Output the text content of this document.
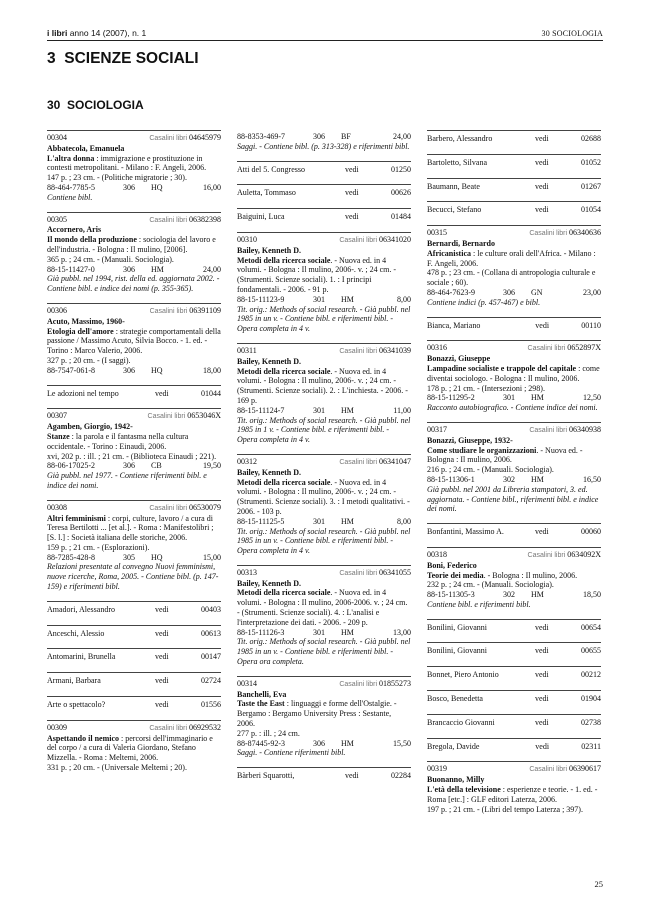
i libri anno 14 (2007), n. 1	30 SOCIOLOGIA
3  SCIENZE SOCIALI
30  SOCIOLOGIA
00304	Casalini libri 04645979
Abbatecola, Emanuela
L'altra donna : immigrazione e prostituzione in contesti metropolitani. - Milano : F. Angeli, 2006.
147 p. ; 23 cm. - (Politiche migratorie ; 30).
88-464-7785-5	306	HQ	16,00
Contiene bibl.
00305	Casalini libri 06382398
Accornero, Aris
Il mondo della produzione : sociologia del lavoro e dell'industria. - Bologna : Il mulino, [2006].
365 p. ; 24 cm. - (Manuali. Sociologia).
88-15-11427-0	306	HM	24,00
Già pubbl. nel 1994, rist. della ed. aggiornata 2002. - Contiene bibl. e indice dei nomi (p. 355-365).
00306	Casalini libri 06391109
Acuto, Massimo, 1960-
Etologia dell'amore : strategie comportamentali della passione / Massimo Acuto, Silvia Bocco. - 1. ed. - Torino : Marco Valerio, 2006.
327 p. ; 20 cm. - (I saggi).
88-7547-061-8	306	HQ	18,00
Le adozioni nel tempo	vedi	01044
00307	Casalini libri 0653046X
Agamben, Giorgio, 1942-
Stanze : la parola e il fantasma nella cultura occidentale. - Torino : Einaudi, 2006.
xvi, 202 p. : ill. ; 21 cm. - (Biblioteca Einaudi ; 221).
88-06-17025-2	306	CB	19,50
Già pubbl. nel 1977. - Contiene riferimenti bibl. e indice dei nomi.
00308	Casalini libri 06530079
Altri femminismi : corpi, culture, lavoro / a cura di Teresa Bertilotti ... [et al.]. - Roma : Manifestolibri ; [S. l.] : Società italiana delle storiche, 2006.
159 p. ; 21 cm. - (Esplorazioni).
88-7285-428-8	305	HQ	15,00
Relazioni presentate al convegno Nuovi femminismi, nuove ricerche, Roma, 2005. - Contiene bibl. (p. 147-159) e riferimenti bibl.
Amadori, Alessandro	vedi	00403
Anceschi, Alessio	vedi	00613
Antomarini, Brunella	vedi	00147
Armani, Barbara	vedi	02724
Arte o spettacolo?	vedi	01556
00309	Casalini libri 06929532
Aspettando il nemico : percorsi dell'immaginario e del corpo / a cura di Valeria Giordano, Stefano Mizzella. - Roma : Meltemi, 2006.
331 p. ; 20 cm. - (Universale Meltemi ; 20).
88-8353-469-7	306	BF	24,00
Saggi. - Contiene bibl. (p. 313-328) e riferimenti bibl.
Atti del 5. Congresso	vedi	01250
Auletta, Tommaso	vedi	00626
Baiguini, Luca	vedi	01484
00310	Casalini libri 06341020
Bailey, Kenneth D.
Metodi della ricerca sociale. - Nuova ed. in 4 volumi. - Bologna : Il mulino, 2006-. v. ; 24 cm. - (Strumenti. Scienze sociali). 1. : I principi fondamentali. - 2006. - 91 p.
88-15-11123-9	301	HM	8,00
Tit. orig.: Methods of social research. - Già pubbl. nel 1985 in un v. - Contiene bibl. e riferimenti bibl. - Opera completa in 4 v.
00311	Casalini libri 06341039
Bailey, Kenneth D.
Metodi della ricerca sociale. - Nuova ed. in 4 volumi. - Bologna : Il mulino, 2006-. v. ; 24 cm. - (Strumenti. Scienze sociali). 2. : L'inchiesta. - 2006. - 169 p.
88-15-11124-7	301	HM	11,00
Tit. orig.: Methods of social research. - Già pubbl. nel 1985 in 1 v. - Contiene bibl. e riferimenti bibl. - Opera completa in 4 v.
00312	Casalini libri 06341047
Bailey, Kenneth D.
Metodi della ricerca sociale. - Nuova ed. in 4 volumi. - Bologna : Il mulino, 2006-. v. ; 24 cm. - (Strumenti. Scienze sociali). 3. : I metodi qualitativi. - 2006. - 103 p.
88-15-11125-5	301	HM	8,00
Tit. orig.: Methods of social research. - Già pubbl. nel 1985 in un v. - Contiene bibl. e riferimenti bibl. - Opera completa in 4 v.
00313	Casalini libri 06341055
Bailey, Kenneth D.
Metodi della ricerca sociale. - Nuova ed. in 4 volumi. - Bologna : Il mulino, 2006-2006. v. ; 24 cm. - (Strumenti. Scienze sociali). 4. : L'analisi e l'interpretazione dei dati. - 2006. - 209 p.
88-15-11126-3	301	HM	13,00
Tit. orig.: Methods of social research. - Già pubbl. nel 1985 in un v. - Contiene bibl. e riferimenti bibl. - Opera ora completa.
00314	Casalini libri 01855273
Banchelli, Eva
Taste the East : linguaggi e forme dell'Ostalgie. - Bergamo : Bergamo University Press : Sestante, 2006.
277 p. : ill. ; 24 cm.
88-87445-92-3	306	HM	15,50
Saggi. - Contiene riferimenti bibl.
Bàrberi Squarotti,	vedi	02284
Barbero, Alessandro	vedi	02688
Bartoletto, Silvana	vedi	01052
Baumann, Beate	vedi	01267
Becucci, Stefano	vedi	01054
00315	Casalini libri 06340636
Bernardi, Bernardo
Africanistica : le culture orali dell'Africa. - Milano : F. Angeli, 2006.
478 p. ; 23 cm. - (Collana di antropologia culturale e sociale ; 60).
88-464-7623-9	306	GN	23,00
Contiene indici (p. 457-467) e bibl.
Bianca, Mariano	vedi	00110
00316	Casalini libri 0652897X
Bonazzi, Giuseppe
Lampadine socialiste e trappole del capitale : come diventai sociologo. - Bologna : Il mulino, 2006.
178 p. ; 21 cm. - (Intersezioni ; 298).
88-15-11295-2	301	HM	12,50
Racconto autobiografico. - Contiene indice dei nomi.
00317	Casalini libri 06340938
Bonazzi, Giuseppe, 1932-
Come studiare le organizzazioni. - Nuova ed. - Bologna : Il mulino, 2006.
216 p. ; 24 cm. - (Manuali. Sociologia).
88-15-11306-1	302	HM	16,50
Già pubbl. nel 2001 da Libreria stampatori, 3. ed. aggiornata. - Contiene bibl., riferimenti bibl. e indice dei nomi.
Bonfantini, Massimo A.	vedi	00060
00318	Casalini libri 0634092X
Boni, Federico
Teorie dei media. - Bologna : Il mulino, 2006.
232 p. ; 24 cm. - (Manuali. Sociologia).
88-15-11305-3	302	HM	18,50
Contiene bibl. e riferimenti bibl.
Bonilini, Giovanni	vedi	00654
Bonilini, Giovanni	vedi	00655
Bonnet, Piero Antonio	vedi	00212
Bosco, Benedetta	vedi	01904
Brancaccio Giovanni	vedi	02738
Bregola, Davide	vedi	02311
00319	Casalini libri 06390617
Buonanno, Milly
L'età della televisione : esperienze e teorie. - 1. ed. - Roma [etc.] : GLF editori Laterza, 2006.
197 p. ; 21 cm. - (Libri del tempo Laterza ; 397).
25
